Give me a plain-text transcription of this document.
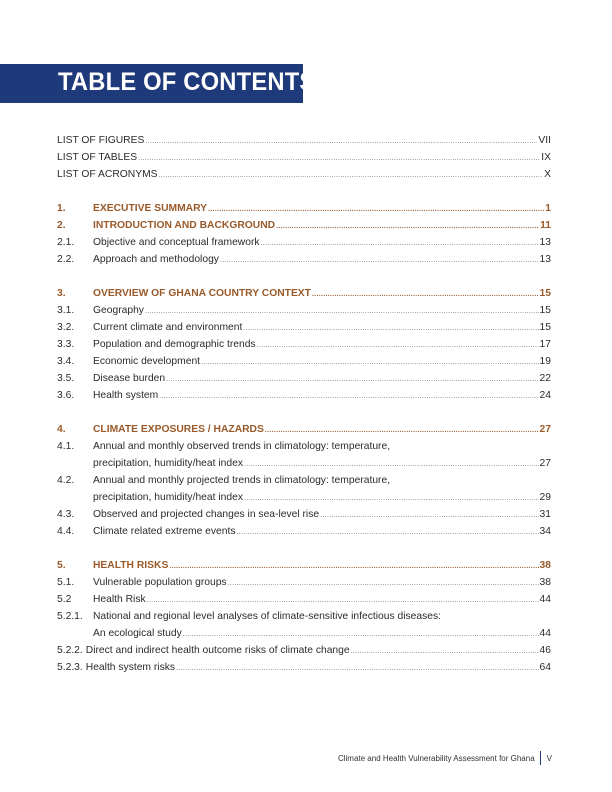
TABLE OF CONTENTS
LIST OF FIGURES .....	VII
LIST OF TABLES .....	IX
LIST OF ACRONYMS .....	X
1.	EXECUTIVE SUMMARY .....	1
2.	INTRODUCTION AND BACKGROUND .....	11
2.1.	Objective and conceptual framework .....	13
2.2.	Approach and methodology .....	13
3.	OVERVIEW OF GHANA COUNTRY CONTEXT .....	15
3.1.	Geography .....	15
3.2.	Current climate and environment .....	15
3.3.	Population and demographic trends .....	17
3.4.	Economic development .....	19
3.5.	Disease burden .....	22
3.6.	Health system .....	24
4.	CLIMATE EXPOSURES / HAZARDS .....	27
4.1.	Annual and monthly observed trends in climatology: temperature,
precipitation, humidity/heat index .....	27
4.2.	Annual and monthly projected trends in climatology: temperature,
precipitation, humidity/heat index .....	29
4.3.	Observed and projected changes in sea-level rise .....	31
4.4.	Climate related extreme events .....	34
5.	HEALTH RISKS .....	38
5.1.	Vulnerable population groups .....	38
5.2	Health Risk .....	44
5.2.1. National and regional level analyses of climate-sensitive infectious diseases:
An ecological study .....	44
5.2.2. Direct and indirect health outcome risks of climate change .....	46
5.2.3. Health system risks .....	64
Climate and Health Vulnerability Assessment for Ghana V
